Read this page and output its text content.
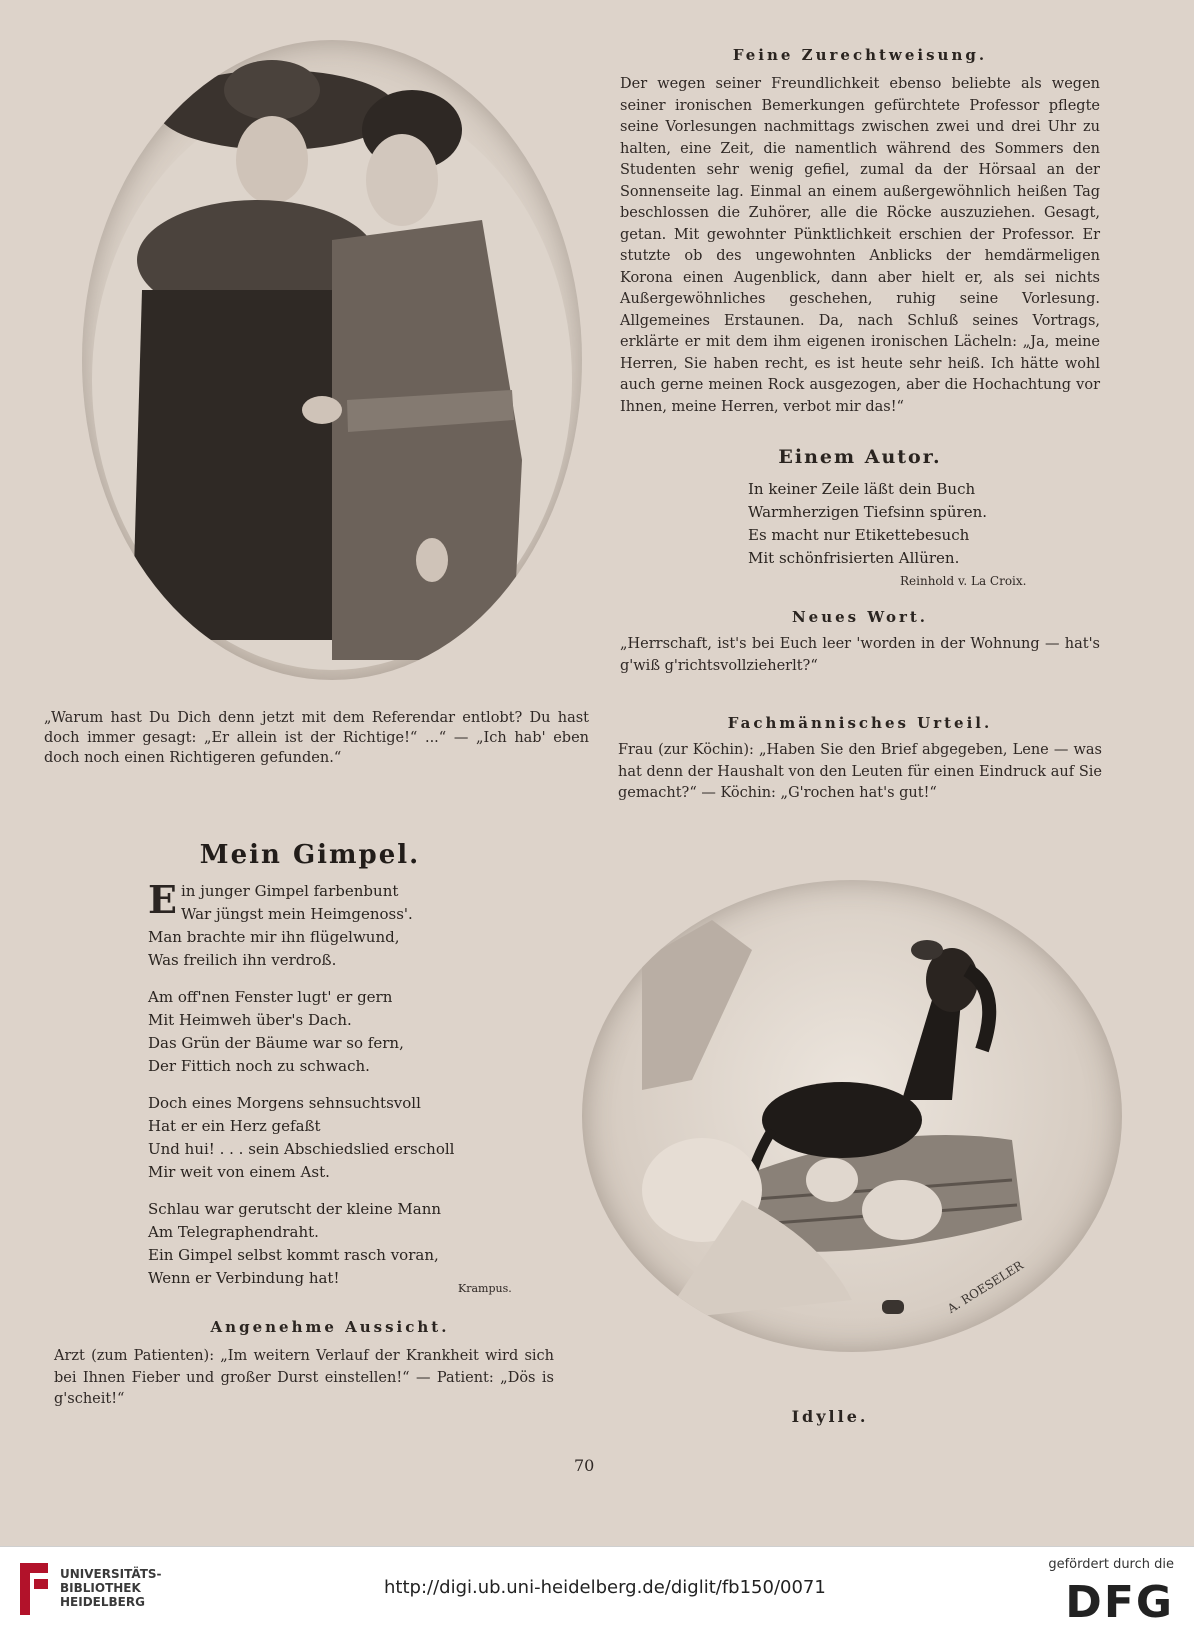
„Warum hast Du Dich denn jetzt mit dem Referendar entlobt? Du hast doch immer gesagt: „Er allein ist der Richtige!“ ...“ — „Ich hab' eben doch noch einen Richtigeren gefunden.“
Feine Zurechtweisung.
Der wegen seiner Freundlichkeit ebenso beliebte als wegen seiner ironischen Bemerkungen gefürchtete Professor pflegte seine Vorlesungen nachmittags zwischen zwei und drei Uhr zu halten, eine Zeit, die namentlich während des Sommers den Studenten sehr wenig gefiel, zumal da der Hörsaal an der Sonnenseite lag. Einmal an einem außergewöhnlich heißen Tag beschlossen die Zuhörer, alle die Röcke auszuziehen. Gesagt, getan. Mit gewohnter Pünktlichkeit erschien der Professor. Er stutzte ob des ungewohnten Anblicks der hemdärmeligen Korona einen Augenblick, dann aber hielt er, als sei nichts Außergewöhnliches geschehen, ruhig seine Vorlesung. Allgemeines Erstaunen. Da, nach Schluß seines Vortrags, erklärte er mit dem ihm eigenen ironischen Lächeln: „Ja, meine Herren, Sie haben recht, es ist heute sehr heiß. Ich hätte wohl auch gerne meinen Rock ausgezogen, aber die Hochachtung vor Ihnen, meine Herren, verbot mir das!“
Einem Autor.
In keiner Zeile läßt dein Buch
Warmherzigen Tiefsinn spüren.
Es macht nur Etikettebesuch
Mit schönfrisierten Allüren.
Reinhold v. La Croix.
Neues Wort.
„Herrschaft, ist's bei Euch leer 'worden in der Wohnung — hat's g'wiß g'richtsvollzieherlt?“
Fachmännisches Urteil.
Frau (zur Köchin): „Haben Sie den Brief abgegeben, Lene — was hat denn der Haushalt von den Leuten für einen Eindruck auf Sie gemacht?“ — Köchin: „G'rochen hat's gut!“
Mein Gimpel.
E in junger Gimpel farbenbunt
War jüngst mein Heimgenoss'.
Man brachte mir ihn flügelwund,
Was freilich ihn verdroß.
Am off'nen Fenster lugt' er gern
Mit Heimweh über's Dach.
Das Grün der Bäume war so fern,
Der Fittich noch zu schwach.
Doch eines Morgens sehnsuchtsvoll
Hat er ein Herz gefaßt
Und hui! . . . sein Abschiedslied erscholl
Mir weit von einem Ast.
Schlau war gerutscht der kleine Mann
Am Telegraphendraht.
Ein Gimpel selbst kommt rasch voran,
Wenn er Verbindung hat!
Krampus.
Angenehme Aussicht.
Arzt (zum Patienten): „Im weitern Verlauf der Krankheit wird sich bei Ihnen Fieber und großer Durst einstellen!“ — Patient: „Dös is g'scheit!“
A. ROESELER
Idylle.
70
UNIVERSITÄTS-
BIBLIOTHEK
HEIDELBERG
http://digi.ub.uni-heidelberg.de/diglit/fb150/0071
gefördert durch die
DFG
